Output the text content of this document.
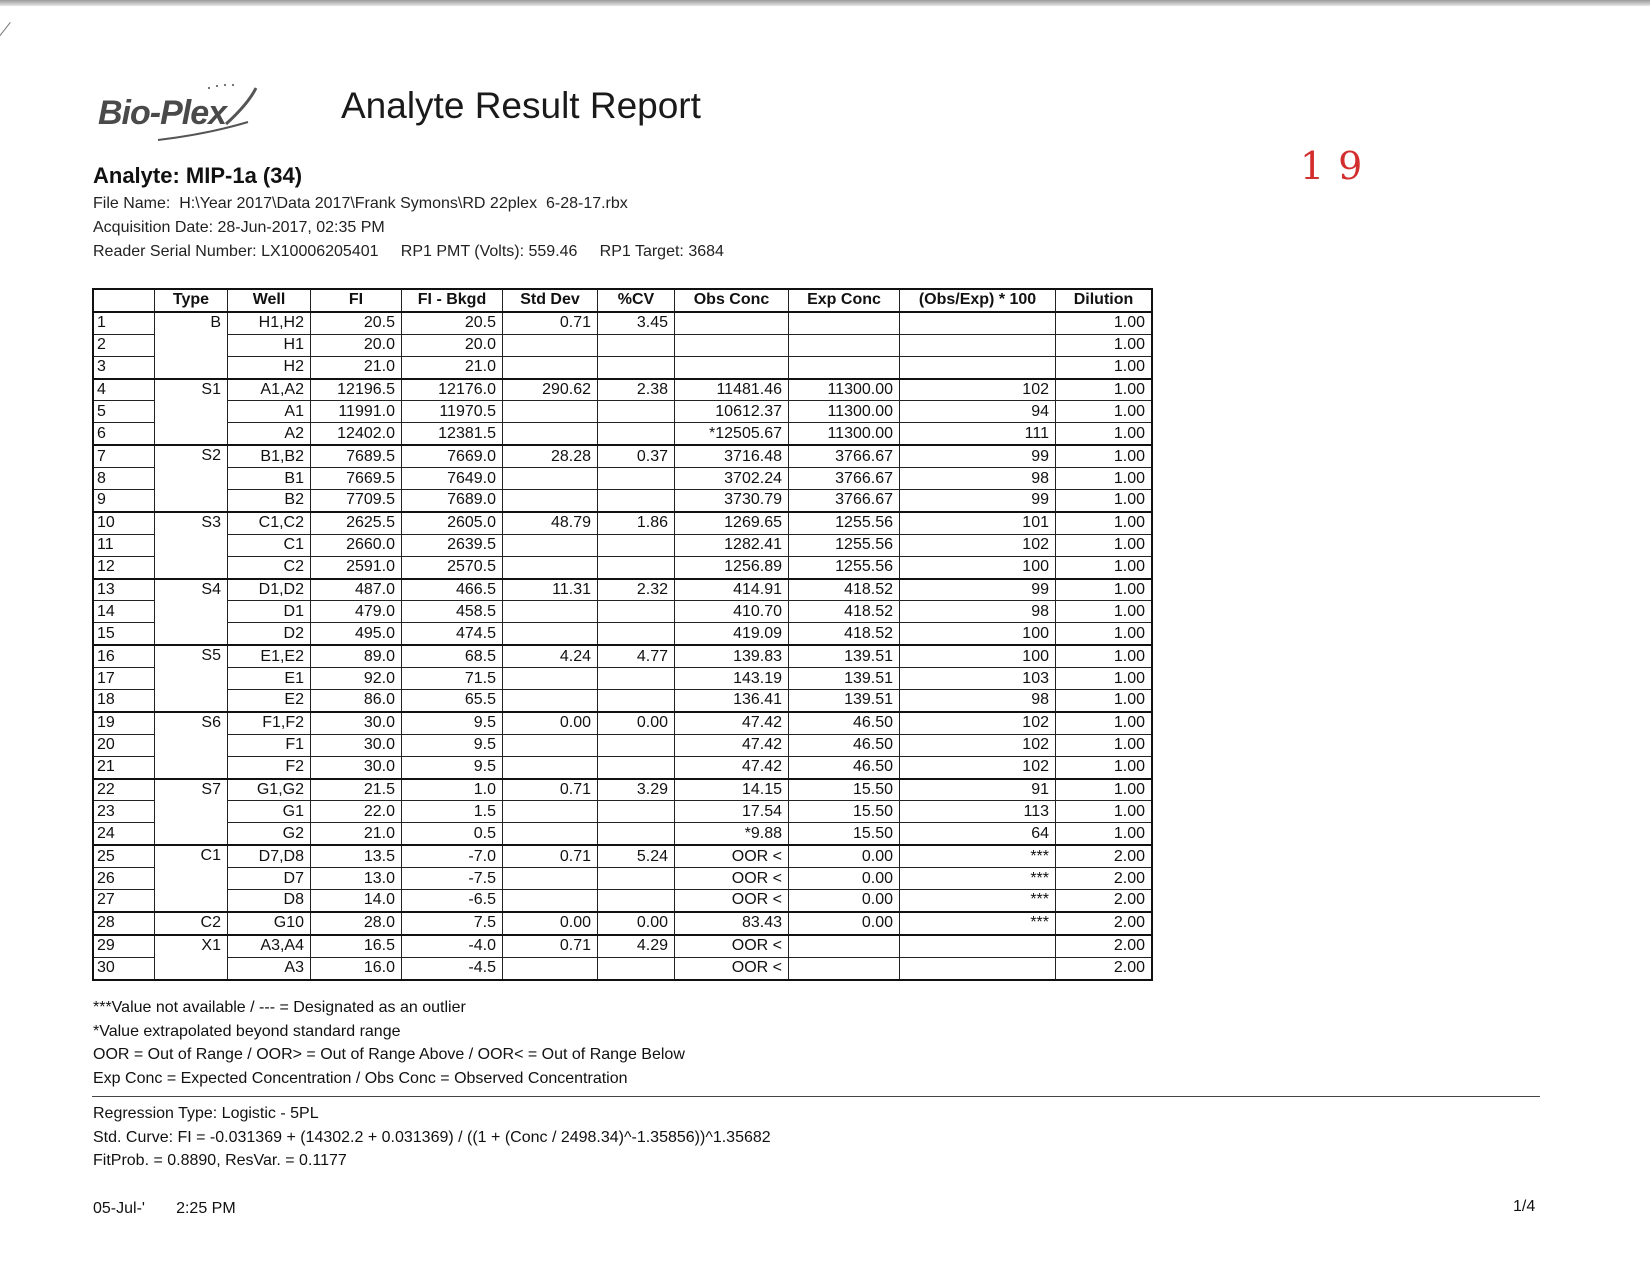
Bio-Plex	Analyte Result Report
19
Analyte: MIP-1a (34)
File Name:  H:\Year 2017\Data 2017\Frank Symons\RD 22plex  6-28-17.rbx
Acquisition Date: 28-Jun-2017, 02:35 PM
Reader Serial Number: LX10006205401 RP1 PMT (Volts): 559.46 RP1 Target: 3684
	Type	Well	FI	FI - Bkgd	Std Dev	%CV	Obs Conc	Exp Conc	(Obs/Exp) * 100	Dilution
1	B	H1,H2	20.5	20.5	0.71	3.45				1.00
2		H1	20.0	20.0						1.00
3		H2	21.0	21.0						1.00
4	S1	A1,A2	12196.5	12176.0	290.62	2.38	11481.46	11300.00	102	1.00
5		A1	11991.0	11970.5			10612.37	11300.00	94	1.00
6		A2	12402.0	12381.5			*12505.67	11300.00	111	1.00
7	S2	B1,B2	7689.5	7669.0	28.28	0.37	3716.48	3766.67	99	1.00
8		B1	7669.5	7649.0			3702.24	3766.67	98	1.00
9		B2	7709.5	7689.0			3730.79	3766.67	99	1.00
10	S3	C1,C2	2625.5	2605.0	48.79	1.86	1269.65	1255.56	101	1.00
11		C1	2660.0	2639.5			1282.41	1255.56	102	1.00
12		C2	2591.0	2570.5			1256.89	1255.56	100	1.00
13	S4	D1,D2	487.0	466.5	11.31	2.32	414.91	418.52	99	1.00
14		D1	479.0	458.5			410.70	418.52	98	1.00
15		D2	495.0	474.5			419.09	418.52	100	1.00
16	S5	E1,E2	89.0	68.5	4.24	4.77	139.83	139.51	100	1.00
17		E1	92.0	71.5			143.19	139.51	103	1.00
18		E2	86.0	65.5			136.41	139.51	98	1.00
19	S6	F1,F2	30.0	9.5	0.00	0.00	47.42	46.50	102	1.00
20		F1	30.0	9.5			47.42	46.50	102	1.00
21		F2	30.0	9.5			47.42	46.50	102	1.00
22	S7	G1,G2	21.5	1.0	0.71	3.29	14.15	15.50	91	1.00
23		G1	22.0	1.5			17.54	15.50	113	1.00
24		G2	21.0	0.5			*9.88	15.50	64	1.00
25	C1	D7,D8	13.5	-7.0	0.71	5.24	OOR <	0.00	***	2.00
26		D7	13.0	-7.5			OOR <	0.00	***	2.00
27		D8	14.0	-6.5			OOR <	0.00	***	2.00
28	C2	G10	28.0	7.5	0.00	0.00	83.43	0.00	***	2.00
29	X1	A3,A4	16.5	-4.0	0.71	4.29	OOR <			2.00
30		A3	16.0	-4.5			OOR <			2.00
***Value not available / --- = Designated as an outlier
*Value extrapolated beyond standard range
OOR = Out of Range / OOR> = Out of Range Above / OOR< = Out of Range Below
Exp Conc = Expected Concentration / Obs Conc = Observed Concentration
Regression Type: Logistic - 5PL
Std. Curve: FI = -0.031369 + (14302.2 + 0.031369) / ((1 + (Conc / 2498.34)^-1.35856))^1.35682
FitProb. = 0.8890, ResVar. = 0.1177
05-Jul-'       2:25 PM	1/4
